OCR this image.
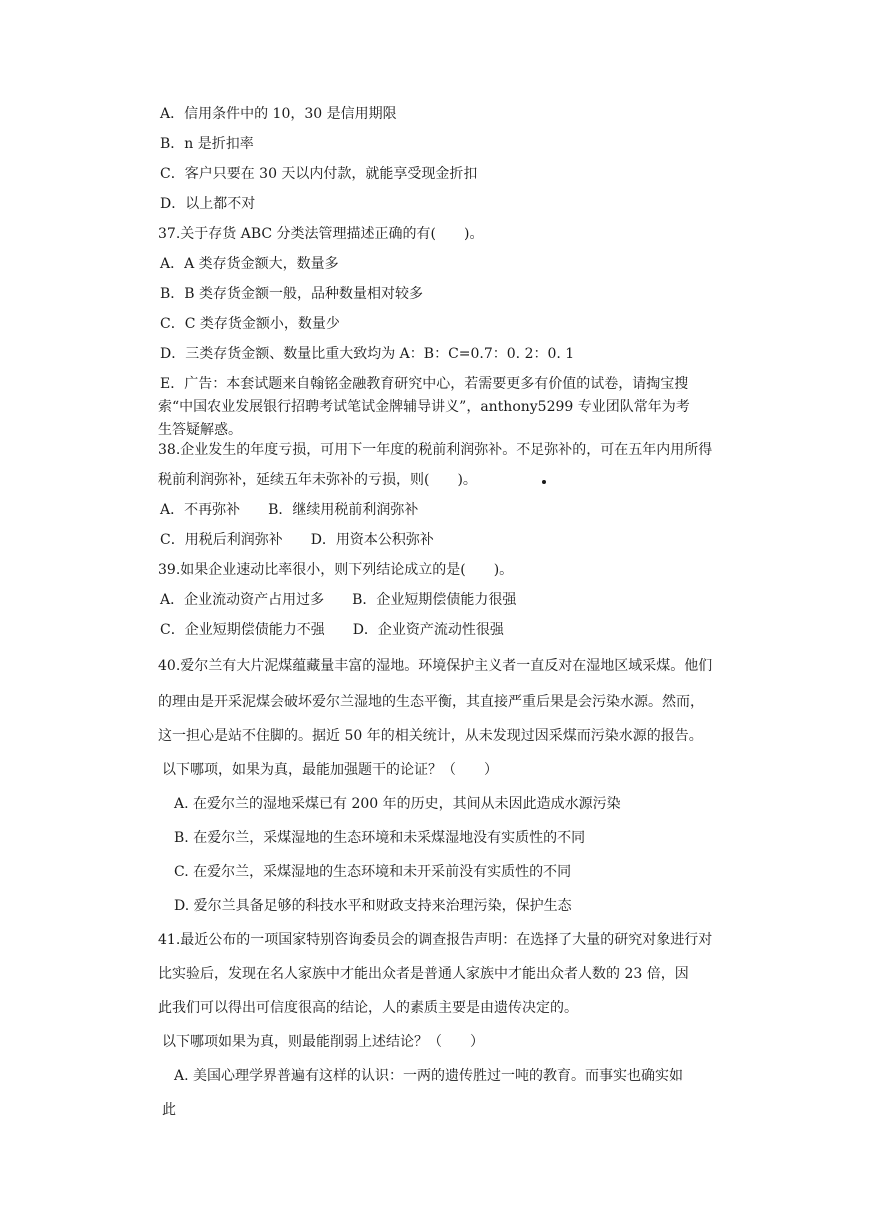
A．信用条件中的 10，30 是信用期限
B．n 是折扣率
C．客户只要在 30 天以内付款，就能享受现金折扣
D．以上都不对
37.关于存货 ABC 分类法管理描述正确的有(　　)。
A．A 类存货金额大，数量多
B．B 类存货金额一般，品种数量相对较多
C．C 类存货金额小，数量少
D．三类存货金额、数量比重大致均为 A：B：C=0.7：0. 2：0. 1
E．广告：本套试题来自翰铭金融教育研究中心，若需要更多有价值的试卷，请掏宝搜
索“中国农业发展银行招聘考试笔试金牌辅导讲义”，anthony5299 专业团队常年为考
生答疑解惑。
38.企业发生的年度亏损，可用下一年度的税前利润弥补。不足弥补的，可在五年内用所得
税前利润弥补，延续五年未弥补的亏损，则(　　)。
A．不再弥补　　B．继续用税前利润弥补
C．用税后利润弥补　　D．用资本公积弥补
39.如果企业速动比率很小，则下列结论成立的是(　　)。
A．企业流动资产占用过多　　B．企业短期偿债能力很强
C．企业短期偿债能力不强　　D．企业资产流动性很强
40.爱尔兰有大片泥煤蕴藏量丰富的湿地。环境保护主义者一直反对在湿地区域采煤。他们
的理由是开采泥煤会破坏爱尔兰湿地的生态平衡，其直接严重后果是会污染水源。然而，
这一担心是站不住脚的。据近 50 年的相关统计，从未发现过因采煤而污染水源的报告。
以下哪项，如果为真，最能加强题干的论证？（　　）
A. 在爱尔兰的湿地采煤已有 200 年的历史，其间从未因此造成水源污染
B. 在爱尔兰，采煤湿地的生态环境和未采煤湿地没有实质性的不同
C. 在爱尔兰，采煤湿地的生态环境和未开采前没有实质性的不同
D. 爱尔兰具备足够的科技水平和财政支持来治理污染，保护生态
41.最近公布的一项国家特别咨询委员会的调查报告声明：在选择了大量的研究对象进行对
比实验后，发现在名人家族中才能出众者是普通人家族中才能出众者人数的 23 倍，因
此我们可以得出可信度很高的结论，人的素质主要是由遗传决定的。
以下哪项如果为真，则最能削弱上述结论？（　　）
A. 美国心理学界普遍有这样的认识：一两的遗传胜过一吨的教育。而事实也确实如
此
